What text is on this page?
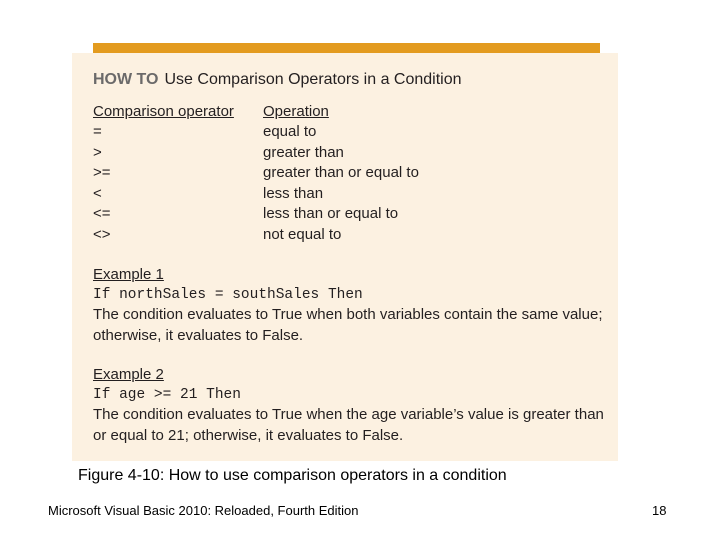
HOW TO Use Comparison Operators in a Condition
Comparison operator Operation
=
>
>=
<
<=
<>
equal to
greater than
greater than or equal to
less than
less than or equal to
not equal to
Example 1
If northSales = southSales Then
The condition evaluates to True when both variables contain the same value; otherwise, it evaluates to False.
Example 2
If age >= 21 Then
The condition evaluates to True when the age variable’s value is greater than or equal to 21; otherwise, it evaluates to False.
Figure 4-10: How to use comparison operators in a condition
Microsoft Visual Basic 2010: Reloaded, Fourth Edition	18
